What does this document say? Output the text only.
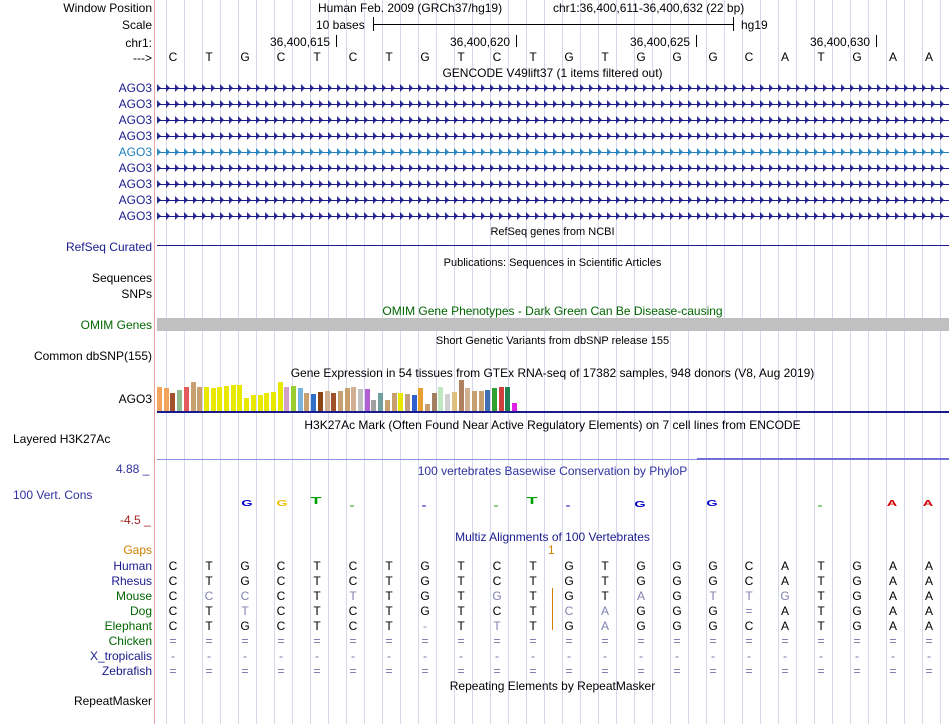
Window Position	Human Feb. 2009 (GRCh37/hg19)	chr1:36,400,611-36,400,632 (22 bp)
Scale	10 bases	hg19
chr1:	36,400,615	36,400,620	36,400,625	36,400,630
---> C T G C T C T G T C T G T G G G C A T G A A
GENCODE V49lift37 (1 items filtered out)
AGO3
AGO3
AGO3
AGO3
AGO3
AGO3
AGO3
AGO3
AGO3
RefSeq genes from NCBI
RefSeq Curated
Publications: Sequences in Scientific Articles
Sequences
SNPs
OMIM Gene Phenotypes - Dark Green Can Be Disease-causing
OMIM Genes
Short Genetic Variants from dbSNP release 155
Common dbSNP(155)
Gene Expression in 54 tissues from GTEx RNA-seq of 17382 samples, 948 donors (V8, Aug 2019)
AGO3
H3K27Ac Mark (Often Found Near Active Regulatory Elements) on 7 cell lines from ENCODE
Layered H3K27Ac
100 vertebrates Basewise Conservation by PhyloP
4.88 _
100 Vert. Cons
-4.5 _
G	G	T	-	-	-	T	-	G	G	-	A	A
Multiz Alignments of 100 Vertebrates
Gaps	1
Human C T G C T C T G T C T G T G G G C A T G A A
Rhesus C T G C T C T G T C T G T G G G C A T G A A
Mouse C C C C T T T G T G T G T A G T T G T G A A
Dog C T T C T C T G T C T C A G G G = A T G A A
Elephant C T G C T C T	-	T T T G A G G G C A T G A A
Chicken = = = = = = = = = = = = = = = = = = = = = =
X_tropicalis	-	-	-	-	-	-	-	-	-	-	-	-	-	-	-	-	-	-	-	-	-	-
Zebrafish = = = = = = = = = = = = = = = = = = = = = =
Repeating Elements by RepeatMasker
RepeatMasker
